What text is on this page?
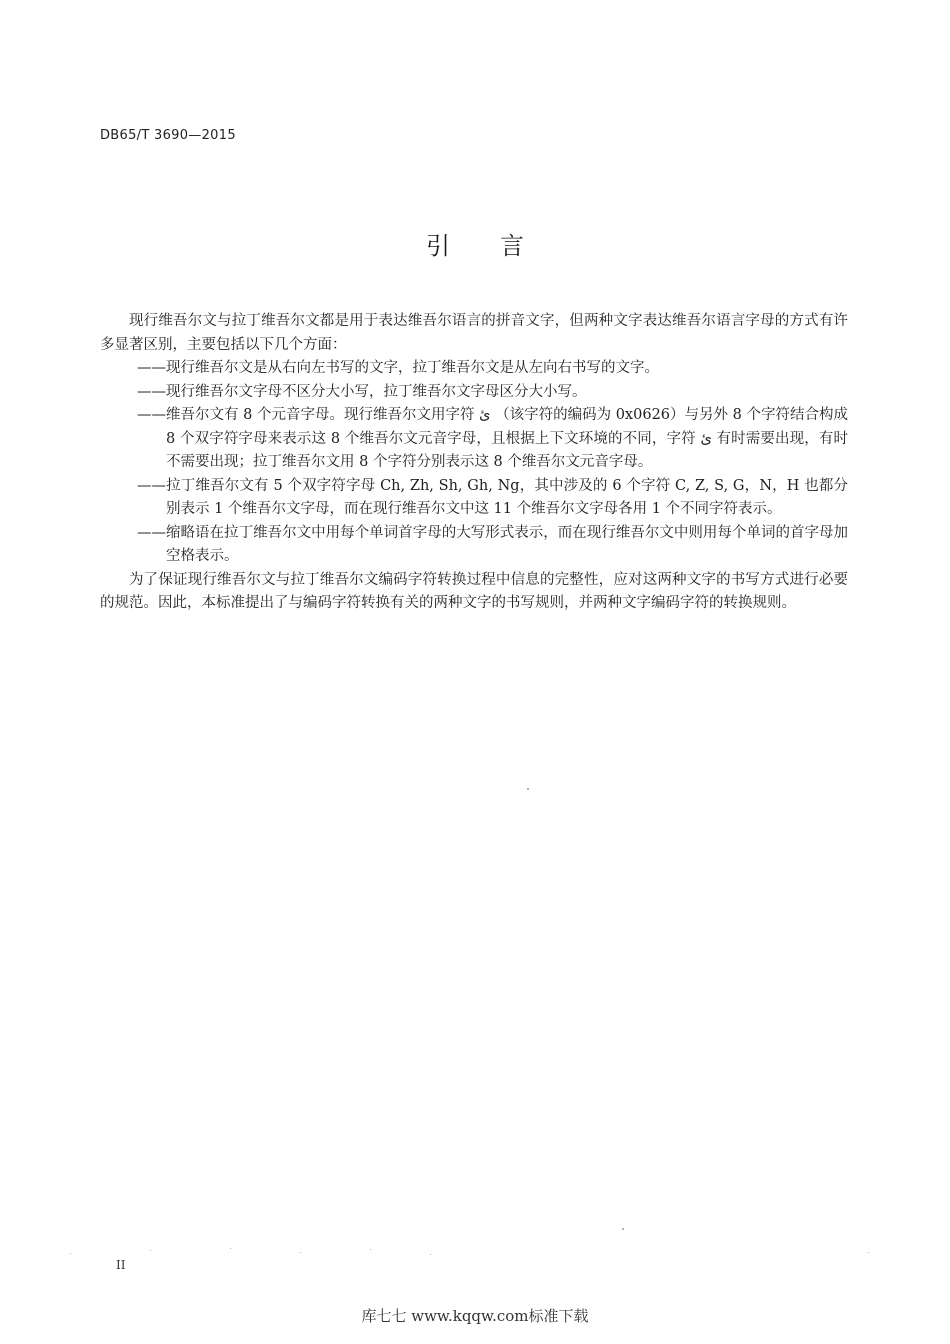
DB65/T 3690—2015
引言

现行维吾尔文与拉丁维吾尔文都是用于表达维吾尔语言的拼音文字，但两种文字表达维吾尔语言字母的方式有许多显著区别，主要包括以下几个方面：

——现行维吾尔文是从右向左书写的文字，拉丁维吾尔文是从左向右书写的文字。

——现行维吾尔文字母不区分大小写，拉丁维吾尔文字母区分大小写。

——维吾尔文有 8 个元音字母。现行维吾尔文用字符 ئ （该字符的编码为 0x0626）与另外 8 个字符结合构成 8 个双字符字母来表示这 8 个维吾尔文元音字母，且根据上下文环境的不同，字符 ئ 有时需要出现，有时不需要出现；拉丁维吾尔文用 8 个字符分别表示这 8 个维吾尔文元音字母。

——拉丁维吾尔文有 5 个双字符字母 Ch, Zh, Sh, Gh, Ng，其中涉及的 6 个字符 C, Z, S, G，N，H 也都分别表示 1 个维吾尔文字母，而在现行维吾尔文中这 11 个维吾尔文字母各用 1 个不同字符表示。

——缩略语在拉丁维吾尔文中用每个单词首字母的大写形式表示，而在现行维吾尔文中则用每个单词的首字母加空格表示。

为了保证现行维吾尔文与拉丁维吾尔文编码字符转换过程中信息的完整性，应对这两种文字的书写方式进行必要的规范。因此，本标准提出了与编码字符转换有关的两种文字的书写规则，并两种文字编码字符的转换规则。

II
库七七 www.kqqw.com标准下载
